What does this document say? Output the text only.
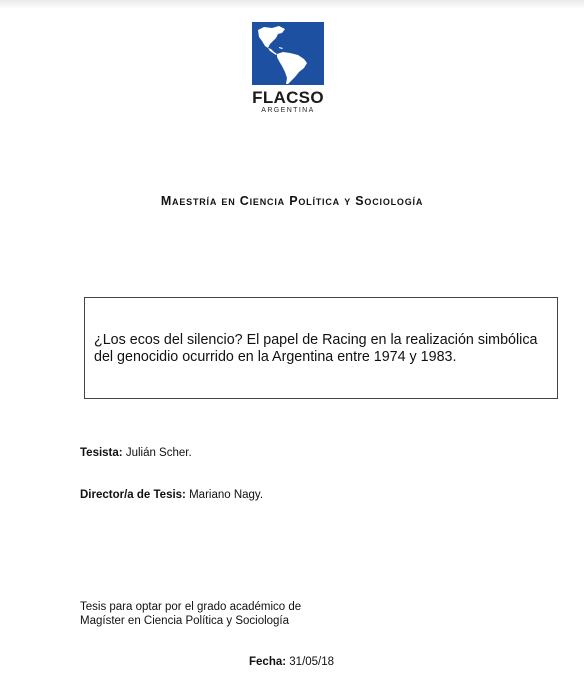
FLACSO
ARGENTINA
Maestría en Ciencia Política y Sociología
¿Los ecos del silencio? El papel de Racing en la realización simbólica del genocidio ocurrido en la Argentina entre 1974 y 1983.
Tesista: Julián Scher.
Director/a de Tesis: Mariano Nagy.
Tesis para optar por el grado académico de
Magíster en Ciencia Política y Sociología
Fecha: 31/05/18
